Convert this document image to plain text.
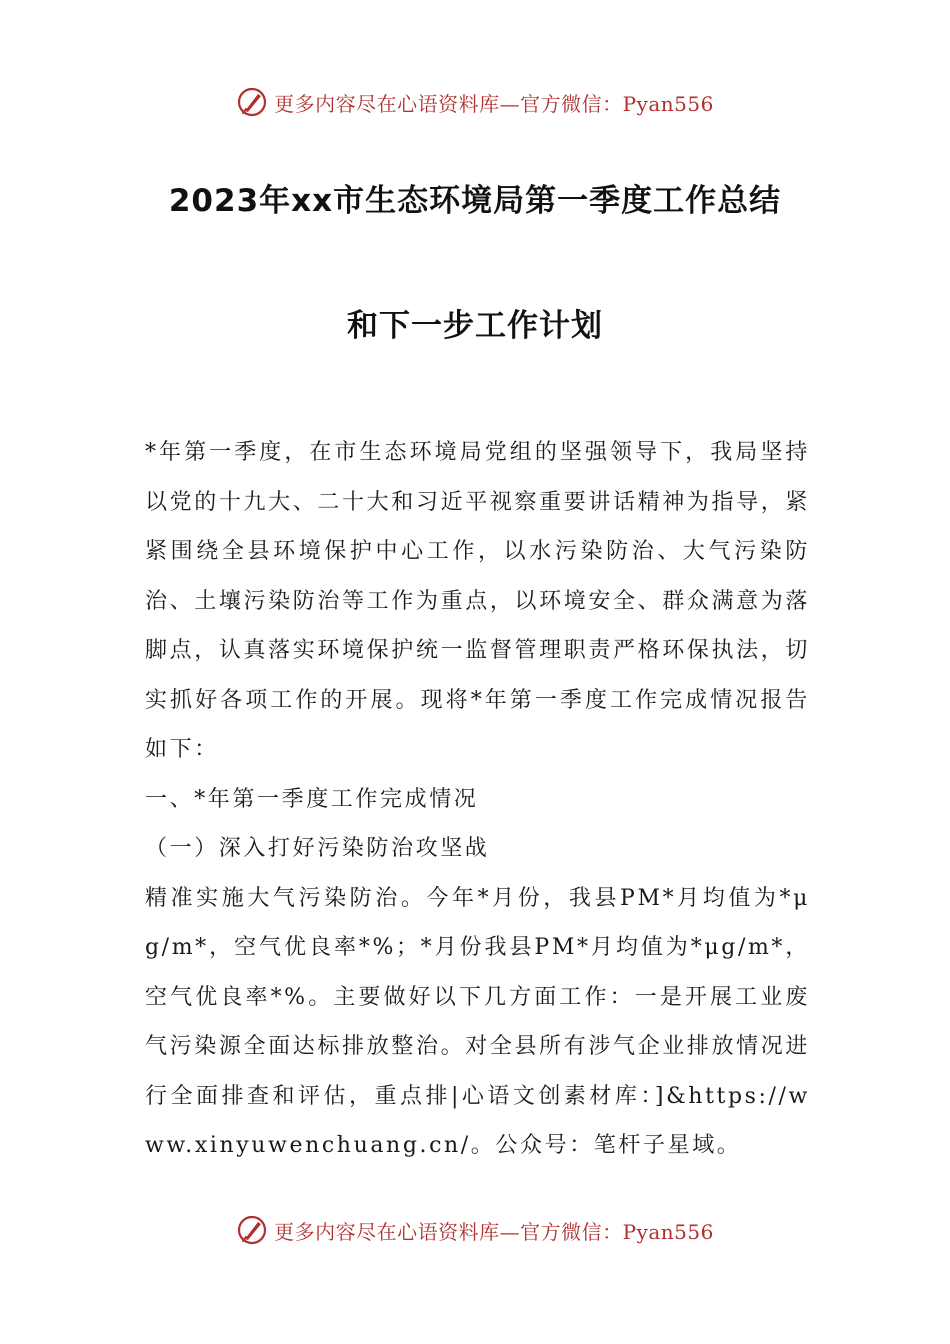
更多内容尽在心语资料库—官方微信：Pyan556
2023年xx市生态环境局第一季度工作总结
和下一步工作计划

*年第一季度，在市生态环境局党组的坚强领导下，我局坚持以党的十九大、二十大和习近平视察重要讲话精神为指导，紧紧围绕全县环境保护中心工作，以水污染防治、大气污染防治、土壤污染防治等工作为重点，以环境安全、群众满意为落脚点，认真落实环境保护统一监督管理职责严格环保执法，切实抓好各项工作的开展。现将*年第一季度工作完成情况报告如下：

一、*年第一季度工作完成情况

（一）深入打好污染防治攻坚战

精准实施大气污染防治。今年*月份，我县PM*月均值为*μg/m*，空气优良率*%；*月份我县PM*月均值为*μg/m*，空气优良率*%。主要做好以下几方面工作：一是开展工业废气污染源全面达标排放整治。对全县所有涉气企业排放情况进行全面排查和评估，重点排|心语文创素材库：]&https://www.xinyuwenchuang.cn/。公众号：笔杆子星域。

更多内容尽在心语资料库—官方微信：Pyan556
